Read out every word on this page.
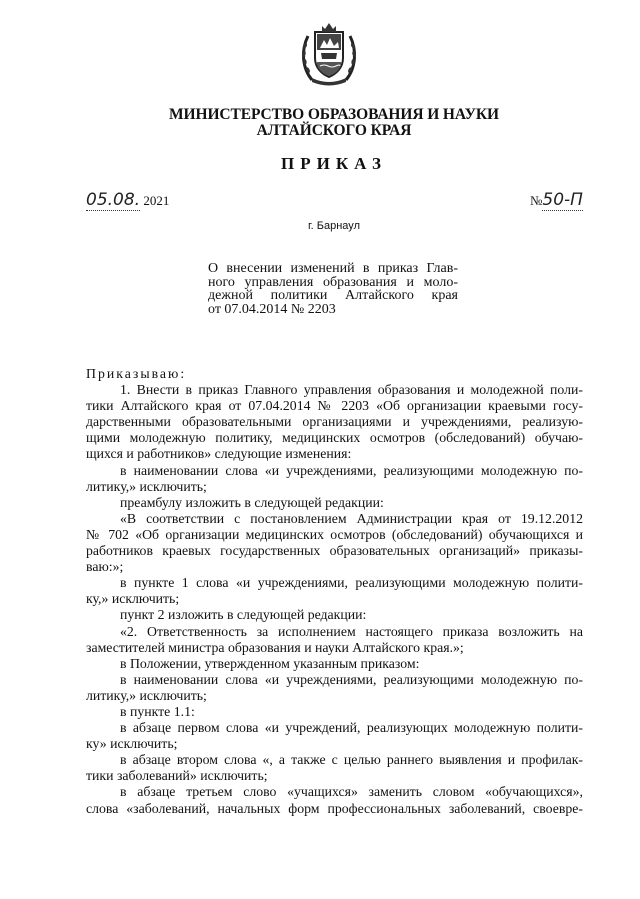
МИНИСТЕРСТВО ОБРАЗОВАНИЯ И НАУКИ
АЛТАЙСКОГО КРАЯ
ПРИКАЗ
05.08. 2021	№50-П
г. Барнаул
О внесении изменений в приказ Глав-
ного управления образования и моло-
дежной политики Алтайского края
от 07.04.2014 № 2203
Приказываю:
1. Внести в приказ Главного управления образования и молодежной поли-
тики Алтайского края от 07.04.2014 № 2203 «Об организации краевыми госу-
дарственными образовательными организациями и учреждениями, реализую-
щими молодежную политику, медицинских осмотров (обследований) обучаю-
щихся и работников» следующие изменения:
в наименовании слова «и учреждениями, реализующими молодежную по-
литику,» исключить;
преамбулу изложить в следующей редакции:
«В соответствии с постановлением Администрации края от 19.12.2012
№ 702 «Об организации медицинских осмотров (обследований) обучающихся и
работников краевых государственных образовательных организаций» приказы-
ваю:»;
в пункте 1 слова «и учреждениями, реализующими молодежную полити-
ку,» исключить;
пункт 2 изложить в следующей редакции:
«2. Ответственность за исполнением настоящего приказа возложить на
заместителей министра образования и науки Алтайского края.»;
в Положении, утвержденном указанным приказом:
в наименовании слова «и учреждениями, реализующими молодежную по-
литику,» исключить;
в пункте 1.1:
в абзаце первом слова «и учреждений, реализующих молодежную полити-
ку» исключить;
в абзаце втором слова «, а также с целью раннего выявления и профилак-
тики заболеваний» исключить;
в абзаце третьем слово «учащихся» заменить словом «обучающихся»,
слова «заболеваний, начальных форм профессиональных заболеваний, своевре-
